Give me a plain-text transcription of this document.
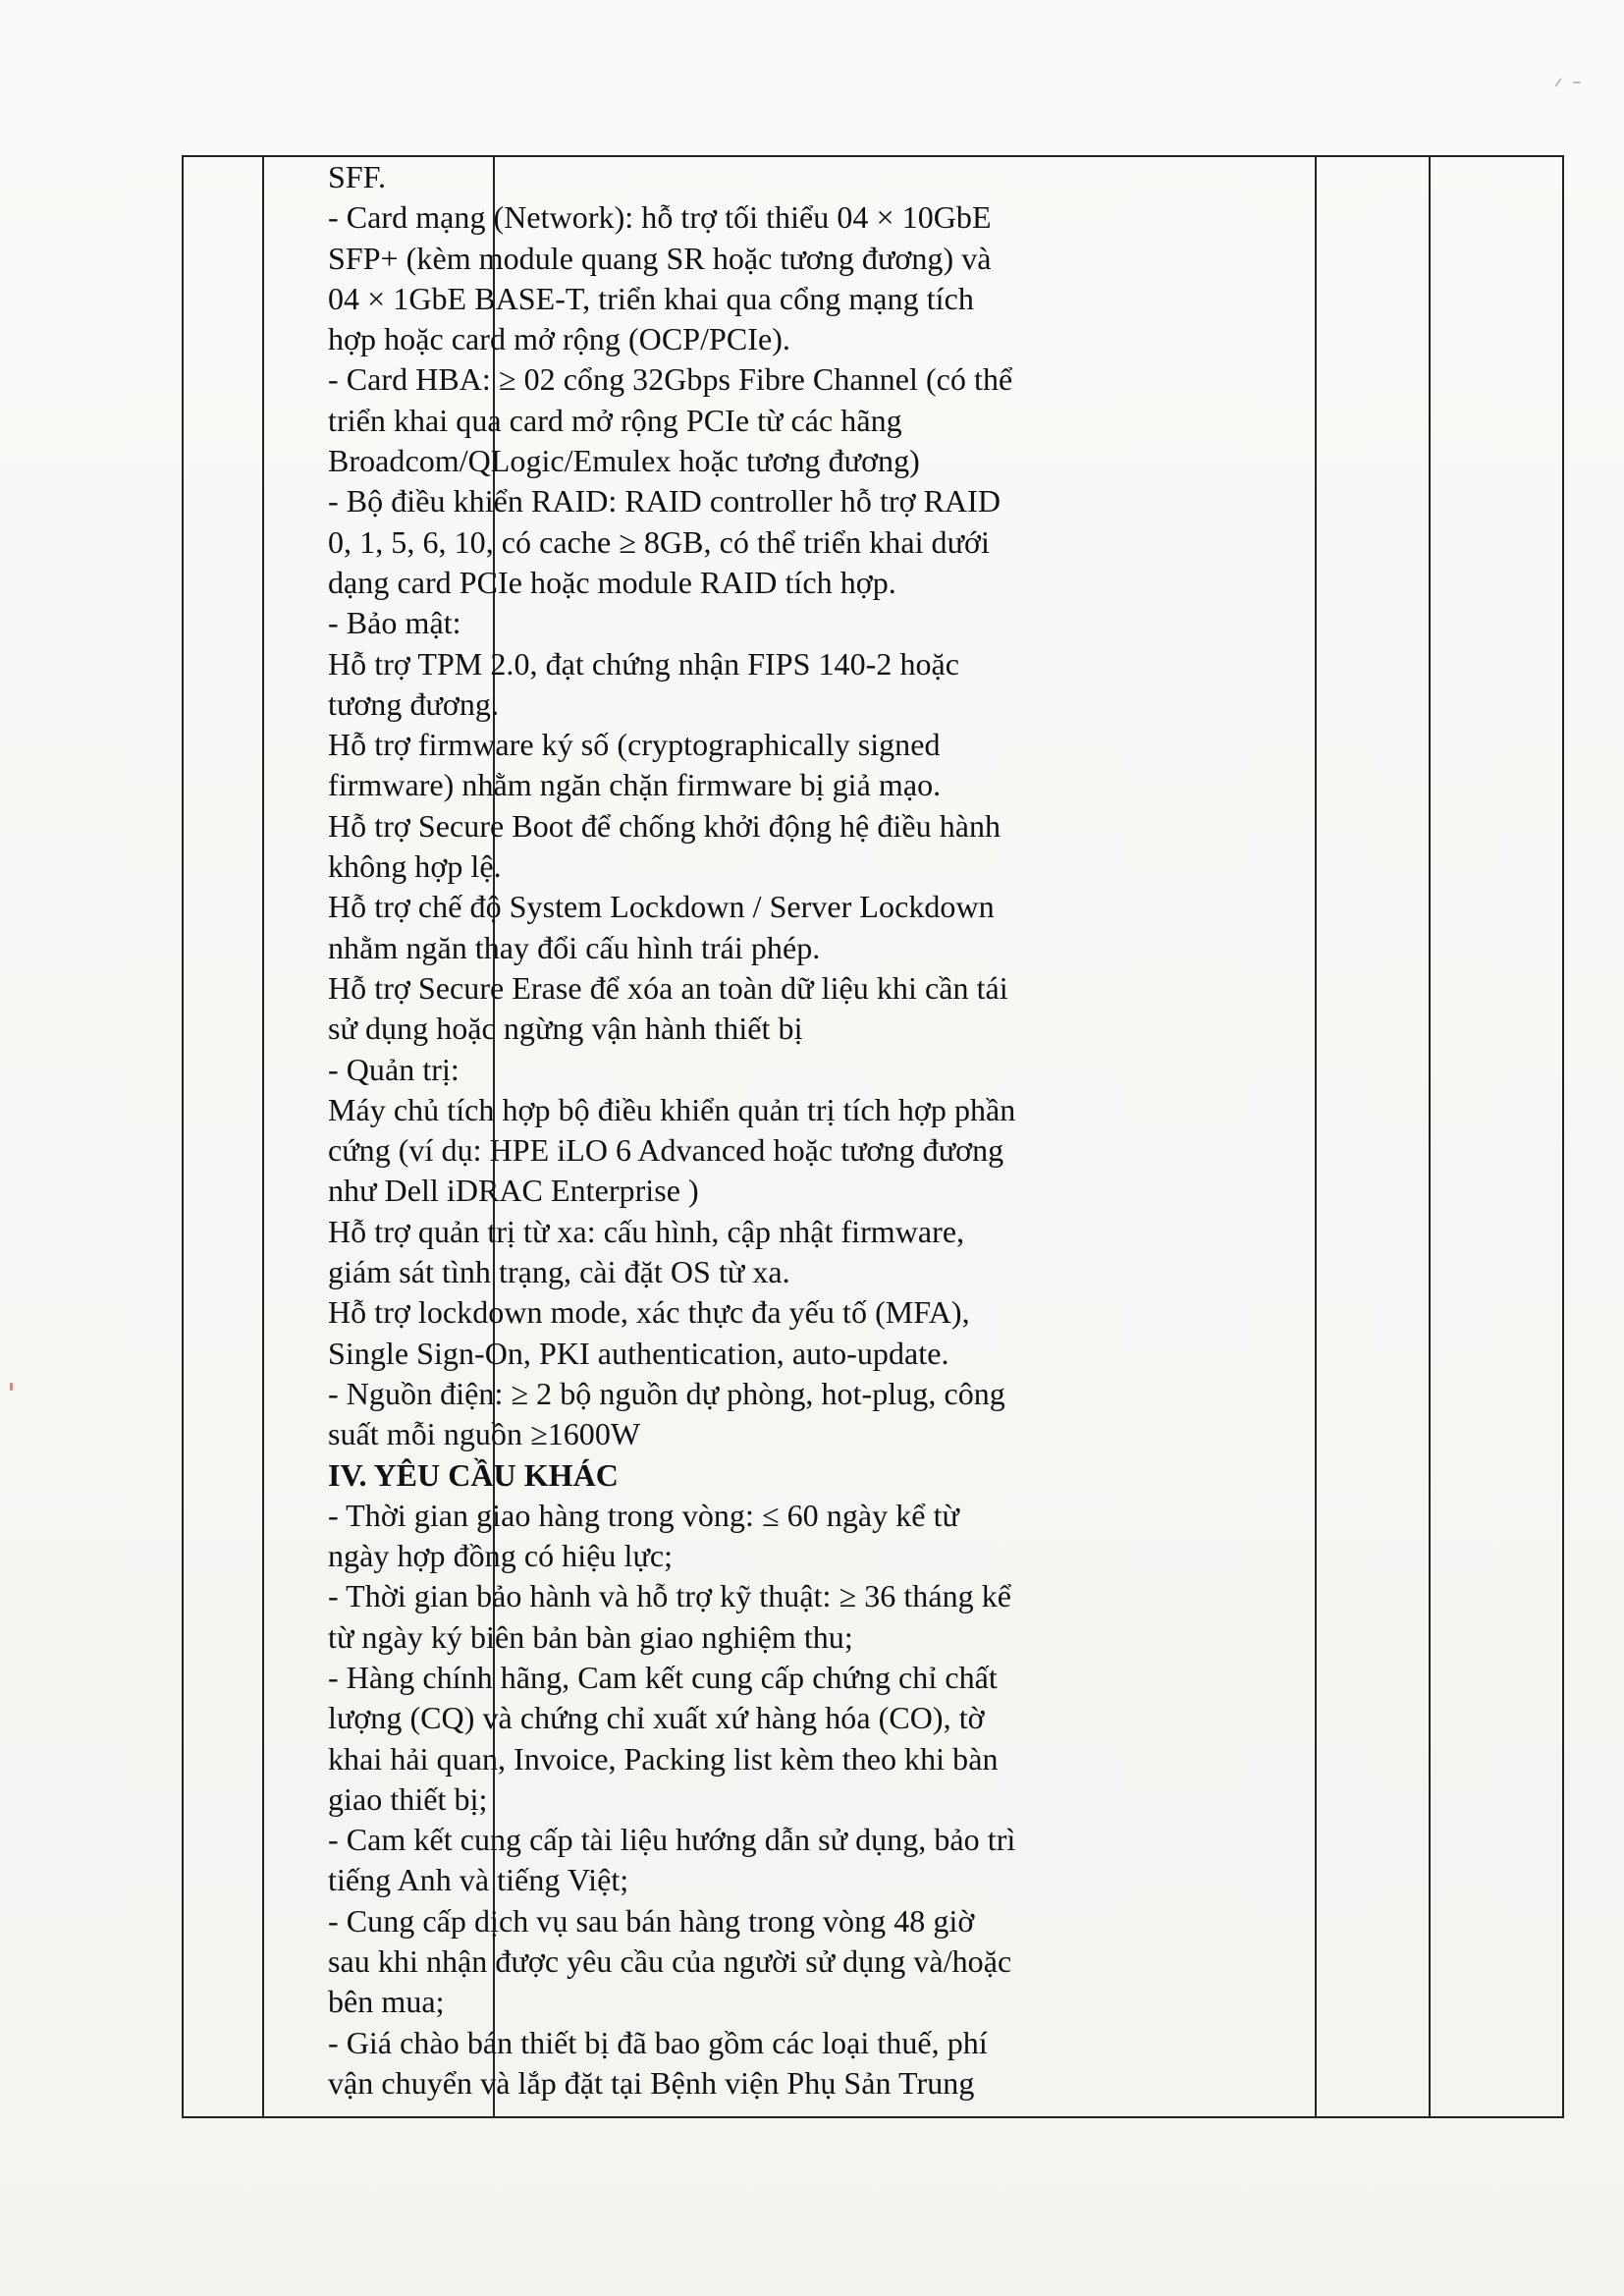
SFF.
- Card mạng (Network): hỗ trợ tối thiểu 04 × 10GbE
SFP+ (kèm module quang SR hoặc tương đương) và
04 × 1GbE BASE-T, triển khai qua cổng mạng tích
hợp hoặc card mở rộng (OCP/PCIe).
- Card HBA: ≥ 02 cổng 32Gbps Fibre Channel (có thể
triển khai qua card mở rộng PCIe từ các hãng
Broadcom/QLogic/Emulex hoặc tương đương)
- Bộ điều khiển RAID: RAID controller hỗ trợ RAID
0, 1, 5, 6, 10, có cache ≥ 8GB, có thể triển khai dưới
dạng card PCIe hoặc module RAID tích hợp.
- Bảo mật:
Hỗ trợ TPM 2.0, đạt chứng nhận FIPS 140-2 hoặc
tương đương.
Hỗ trợ firmware ký số (cryptographically signed
firmware) nhằm ngăn chặn firmware bị giả mạo.
Hỗ trợ Secure Boot để chống khởi động hệ điều hành
không hợp lệ.
Hỗ trợ chế độ System Lockdown / Server Lockdown
nhằm ngăn thay đổi cấu hình trái phép.
Hỗ trợ Secure Erase để xóa an toàn dữ liệu khi cần tái
sử dụng hoặc ngừng vận hành thiết bị
- Quản trị:
Máy chủ tích hợp bộ điều khiển quản trị tích hợp phần
cứng (ví dụ: HPE iLO 6 Advanced hoặc tương đương
như Dell iDRAC Enterprise )
Hỗ trợ quản trị từ xa: cấu hình, cập nhật firmware,
giám sát tình trạng, cài đặt OS từ xa.
Hỗ trợ lockdown mode, xác thực đa yếu tố (MFA),
Single Sign-On, PKI authentication, auto-update.
- Nguồn điện: ≥ 2 bộ nguồn dự phòng, hot-plug, công
suất mỗi nguồn ≥1600W
IV. YÊU CẦU KHÁC
- Thời gian giao hàng trong vòng: ≤ 60 ngày kể từ
ngày hợp đồng có hiệu lực;
- Thời gian bảo hành và hỗ trợ kỹ thuật: ≥ 36 tháng kể
từ ngày ký biên bản bàn giao nghiệm thu;
- Hàng chính hãng, Cam kết cung cấp chứng chỉ chất
lượng (CQ) và chứng chỉ xuất xứ hàng hóa (CO), tờ
khai hải quan, Invoice, Packing list kèm theo khi bàn
giao thiết bị;
- Cam kết cung cấp tài liệu hướng dẫn sử dụng, bảo trì
tiếng Anh và tiếng Việt;
- Cung cấp dịch vụ sau bán hàng trong vòng 48 giờ
sau khi nhận được yêu cầu của người sử dụng và/hoặc
bên mua;
- Giá chào bán thiết bị đã bao gồm các loại thuế, phí
vận chuyển và lắp đặt tại Bệnh viện Phụ Sản Trung
